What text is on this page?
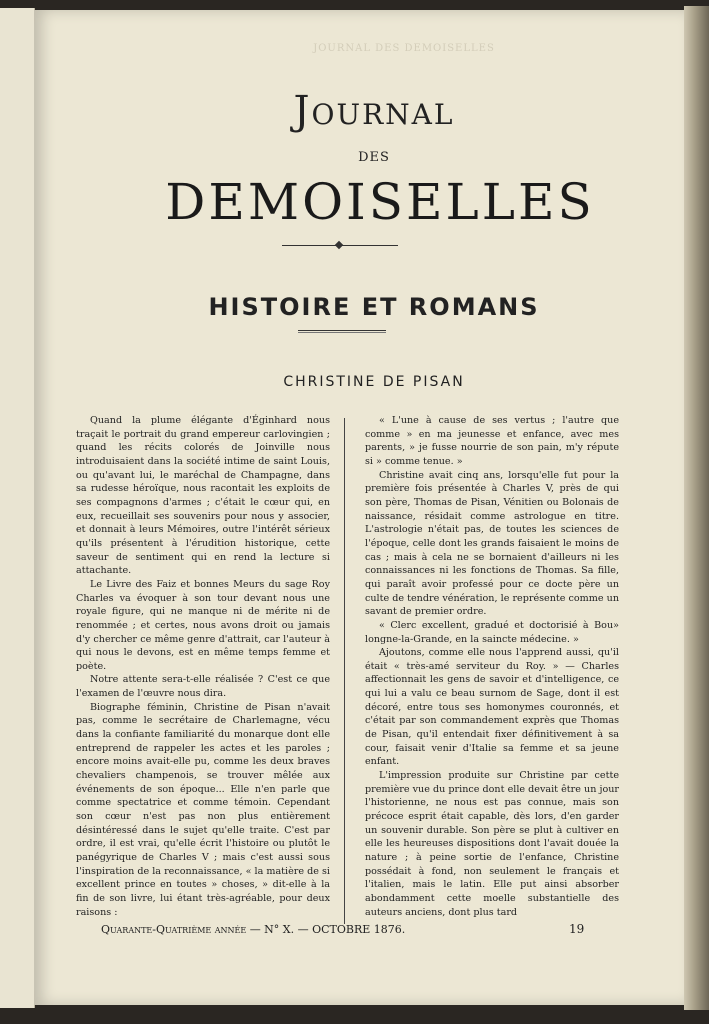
JOURNAL DES DEMOISELLES
Journal
DES
DEMOISELLES
HISTOIRE ET ROMANS
CHRISTINE DE PISAN

Quand la plume élégante d'Éginhard nous traçait le portrait du grand empereur carlovingien ; quand les récits colorés de Joinville nous introduisaient dans la société intime de saint Louis, ou qu'avant lui, le maréchal de Champagne, dans sa rudesse héroïque, nous racontait les exploits de ses compagnons d'armes ; c'était le cœur qui, en eux, recueillait ses souvenirs pour nous y associer, et donnait à leurs Mémoires, outre l'intérêt sérieux qu'ils présentent à l'érudition historique, cette saveur de sentiment qui en rend la lecture si attachante.

Le Livre des Faiz et bonnes Meurs du sage Roy Charles va évoquer à son tour devant nous une royale figure, qui ne manque ni de mérite ni de renommée ; et certes, nous avons droit ou jamais d'y chercher ce même genre d'attrait, car l'auteur à qui nous le devons, est en même temps femme et poète.

Notre attente sera-t-elle réalisée ? C'est ce que l'examen de l'œuvre nous dira.

Biographe féminin, Christine de Pisan n'avait pas, comme le secrétaire de Charlemagne, vécu dans la confiante familiarité du monarque dont elle entreprend de rappeler les actes et les paroles ; encore moins avait-elle pu, comme les deux braves chevaliers champenois, se trouver mêlée aux événements de son époque... Elle n'en parle que comme spectatrice et comme témoin. Cependant son cœur n'est pas non plus entièrement désintéressé dans le sujet qu'elle traite. C'est par ordre, il est vrai, qu'elle écrit l'histoire ou plutôt le panégyrique de Charles V ; mais c'est aussi sous l'inspiration de la reconnaissance, « la matière de si excellent prince en toutes » choses, » dit-elle à la fin de son livre, lui étant très-agréable, pour deux raisons :

« L'une à cause de ses vertus ; l'autre que comme » en ma jeunesse et enfance, avec mes parents, » je fusse nourrie de son pain, m'y répute si » comme tenue. »

Christine avait cinq ans, lorsqu'elle fut pour la première fois présentée à Charles V, près de qui son père, Thomas de Pisan, Vénitien ou Bolonais de naissance, résidait comme astrologue en titre. L'astrologie n'était pas, de toutes les sciences de l'époque, celle dont les grands faisaient le moins de cas ; mais à cela ne se bornaient d'ailleurs ni les connaissances ni les fonctions de Thomas. Sa fille, qui paraît avoir professé pour ce docte père un culte de tendre vénération, le représente comme un savant de premier ordre.

« Clerc excellent, gradué et doctorisié à Bou» longne-la-Grande, en la saincte médecine. »

Ajoutons, comme elle nous l'apprend aussi, qu'il était « très-amé serviteur du Roy. » — Charles affectionnait les gens de savoir et d'intelligence, ce qui lui a valu ce beau surnom de Sage, dont il est décoré, entre tous ses homonymes couronnés, et c'était par son commandement exprès que Thomas de Pisan, qu'il entendait fixer définitivement à sa cour, faisait venir d'Italie sa femme et sa jeune enfant.

L'impression produite sur Christine par cette première vue du prince dont elle devait être un jour l'historienne, ne nous est pas connue, mais son précoce esprit était capable, dès lors, d'en garder un souvenir durable. Son père se plut à cultiver en elle les heureuses dispositions dont l'avait douée la nature ; à peine sortie de l'enfance, Christine possédait à fond, non seulement le français et l'italien, mais le latin. Elle put ainsi absorber abondamment cette moelle substantielle des auteurs anciens, dont plus tard

Quarante-Quatrième année — N° X. — OCTOBRE 1876.	19
